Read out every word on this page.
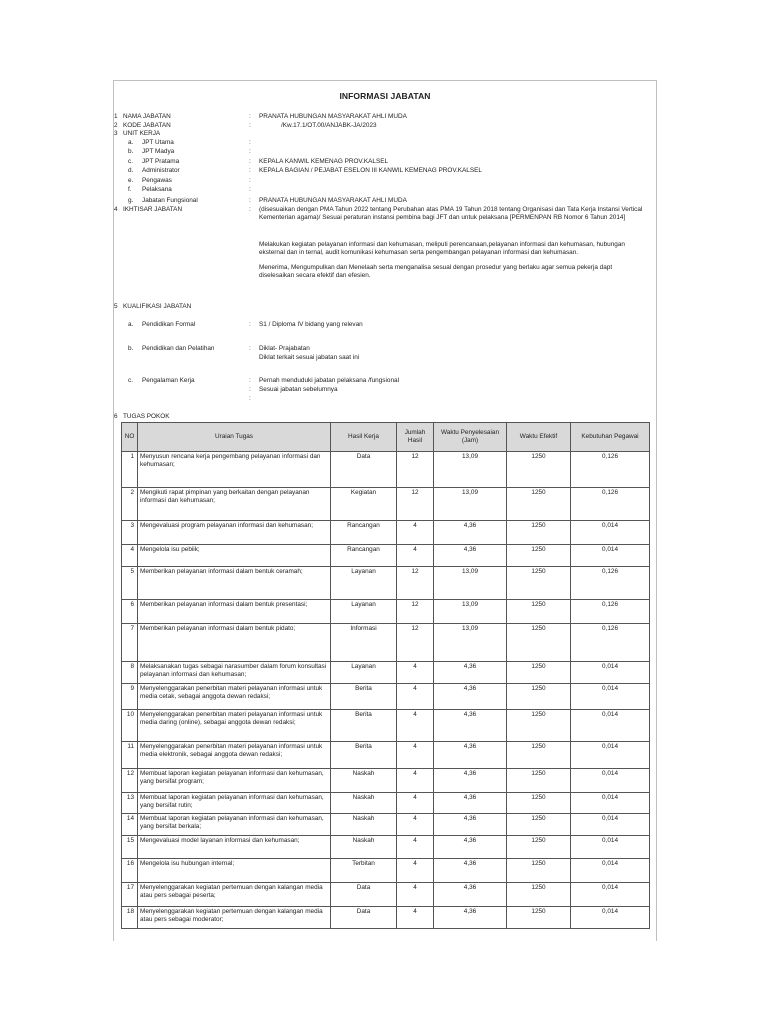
INFORMASI JABATAN
1 NAMA JABATAN	: PRANATA HUBUNGAN MASYARAKAT AHLI MUDA
2 KODE JABATAN	:	/Kw.17.1/OT.00/ANJABK-JA/2023
3 UNIT KERJA
a. JPT Utama	:
b. JPT Madya	:
c. JPT Pratama	: KEPALA KANWIL KEMENAG PROV.KALSEL
d. Administrator	: KEPALA BAGIAN / PEJABAT ESELON III KANWIL KEMENAG PROV.KALSEL
e. Pengawas	:
f. Pelaksana	:
g. Jabatan Fungsional	: PRANATA HUBUNGAN MASYARAKAT AHLI MUDA
4 IKHTISAR JABATAN	: (disesuaikan dengan PMA Tahun 2022 tentang Perubahan atas PMA 19 Tahun 2018 tentang Organisasi dan Tata Kerja Instansi Vertical Kementerian agama)/ Sesuai peraturan instansi pembina bagi JFT dan untuk pelaksana [PERMENPAN RB Nomor 6 Tahun 2014]
Melakukan kegiatan pelayanan informasi dan kehumasan, meliputi perencanaan,pelayanan informasi dan kehumasan, hubungan eksternal dan in ternal, audit komunikasi kehumasan serta pengembangan pelayanan informasi dan kehumasan.
Menerima, Mengumpulkan dan Menelaah serta menganalisa sesual dengan prosedur yang berlaku agar semua pekerja dapt diselesaikan secara efektif dan efesien.
5 KUALIFIKASI JABATAN
a. Pendidikan Formal	: S1 / Diploma IV bidang yang relevan
b. Pendidikan dan Pelatihan	: Diklat- Prajabatan
Diklat terkait sesuai jabatan saat ini
c. Pengalaman Kerja	: Pernah menduduki jabatan pelaksana /fungsional
: Sesuai jabatan sebelumnya
:
6 TUGAS POKOK
NO	Uraian Tugas	Hasil Kerja	Jumlah Hasil	Waktu Penyelesaian (Jam)	Waktu Efektif	Kebutuhan Pegawai
1	Menyusun rencana kerja pengembang pelayanan informasi dan kehumasan;	Data	12	13,09	1250	0,126
2	Mengikuti rapat pimpinan yang berkaitan dengan pelayanan informasi dan kehumasan;	Kegiatan	12	13,09	1250	0,126
3	Mengevaluasi program pelayanan informasi dan kehumasan;	Rancangan	4	4,36	1250	0,014
4	Mengelola isu pebiik;	Rancangan	4	4,36	1250	0,014
5	Memberikan pelayanan informasi dalam bentuk ceramah;	Layanan	12	13,09	1250	0,126
6	Memberikan pelayanan informasi dalam bentuk presentasi;	Layanan	12	13,09	1250	0,126
7	Memberikan pelayanan informasi dalam bentuk pidato;	Informasi	12	13,09	1250	0,126
8	Melaksanakan tugas sebagai narasumber dalam forum konsultasi pelayanan informasi dan kehumasan;	Layanan	4	4,36	1250	0,014
9	Menyelenggarakan penerbitan materi pelayanan informasi untuk media cetak, sebagai anggota dewan redaksi;	Berita	4	4,36	1250	0,014
10	Menyelenggarakan penerbitan materi pelayanan informasi untuk media daring (online), sebagai anggota dewan redaksi;	Berita	4	4,36	1250	0,014
11	Menyelenggarakan penerbitan materi pelayanan informasi untuk media elektronik, sebagai anggota dewan redaksi;	Berita	4	4,36	1250	0,014
12	Membuat laporan kegiatan pelayanan informasi dan kehumasan, yang bersifat program;	Naskah	4	4,36	1250	0,014
13	Membuat laporan kegiatan pelayanan informasi dan kehumasan, yang bersifat rutin;	Naskah	4	4,36	1250	0,014
14	Membuat laporan kegiatan pelayanan informasi dan kehumasan, yang bersifat berkala;	Naskah	4	4,36	1250	0,014
15	Mengevaluasi model layanan informasi dan kehumasan;	Naskah	4	4,36	1250	0,014
16	Mengelola isu hubungan internal;	Terbitan	4	4,36	1250	0,014
17	Menyelenggarakan kegiatan pertemuan dengan kalangan media atau pers sebagai peserta;	Data	4	4,36	1250	0,014
18	Menyelenggarakan kegiatan pertemuan dengan kalangan media atau pers sebagai moderator;	Data	4	4,36	1250	0,014
